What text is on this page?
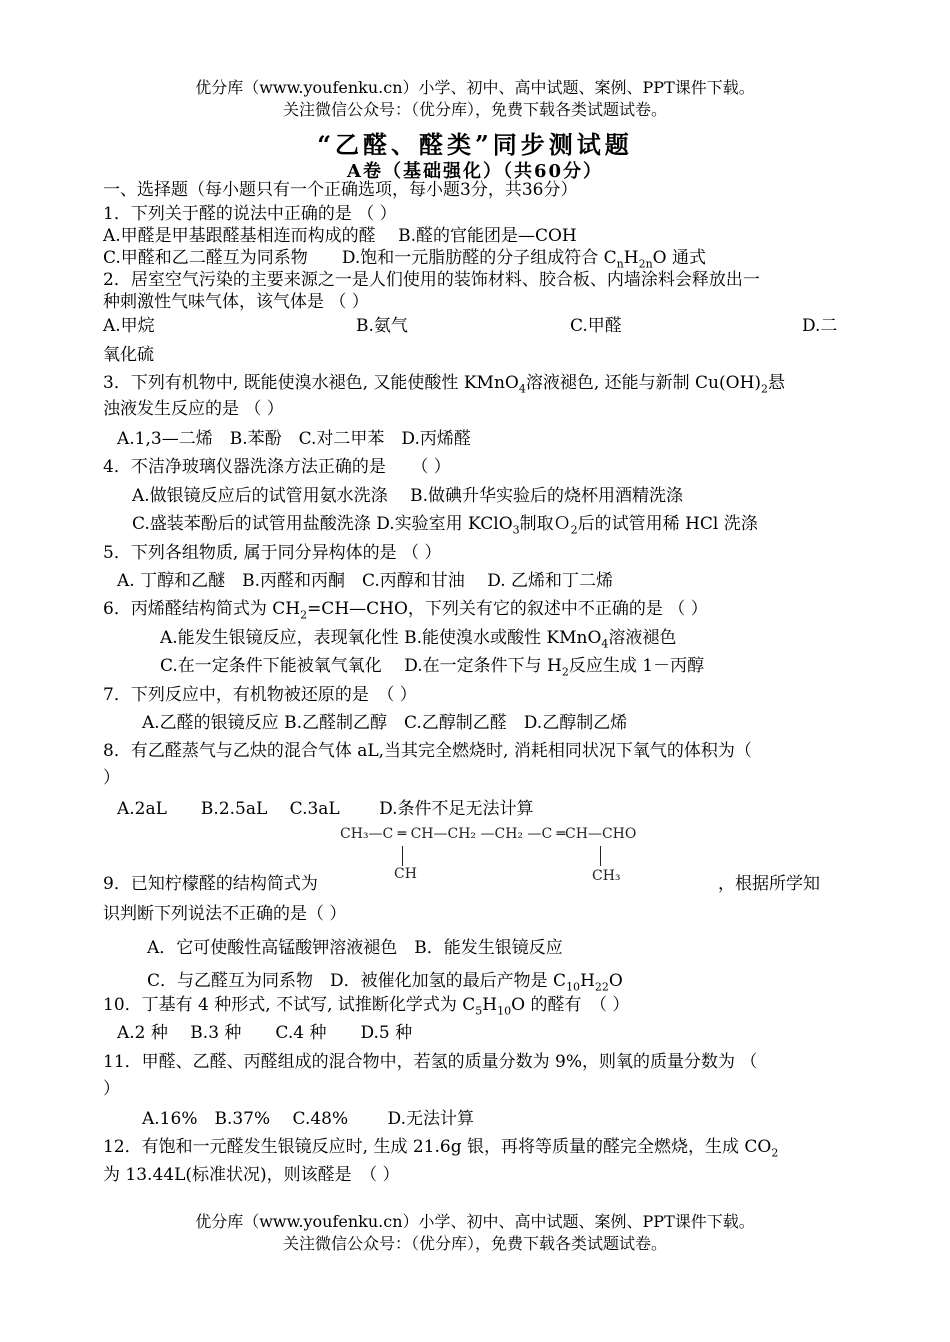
优分库（www.youfenku.cn）小学、初中、高中试题、案例、PPT课件下载。
关注微信公众号：（优分库），免费下载各类试题试卷。
“乙醛、醛类”同步测试题
A卷（基础强化）（共60分）
一、选择题（每小题只有一个正确选项，每小题3分，共36分）
1．下列关于醛的说法中正确的是 （ ）
A.甲醛是甲基跟醛基相连而构成的醛　 B.醛的官能团是—COH
C.甲醛和乙二醛互为同系物　　 D.饱和一元脂肪醛的分子组成符合 $C_nH_{2n}O$ 通式
2．居室空气污染的主要来源之一是人们使用的装饰材料、胶合板、内墙涂料会释放出一
种刺激性气味气体，该气体是 （ ）
A.甲烷	B.氨气	C.甲醛	D.二
氧化硫
3．下列有机物中, 既能使溴水褪色, 又能使酸性 KMnO$_4$溶液褪色, 还能与新制 $Cu(OH)_2$悬
浊液发生反应的是 （ ）
A.1,3—二烯　B.苯酚　C.对二甲苯　D.丙烯醛
4．不洁净玻璃仪器洗涤方法正确的是　　（ ）
A.做银镜反应后的试管用氨水洗涤　 B.做碘升华实验后的烧杯用酒精洗涤
C.盛装苯酚后的试管用盐酸洗涤 D.实验室用 KClO$_3$制取Ｏ$_2$后的试管用稀 HCl 洗涤
5．下列各组物质, 属于同分异构体的是 （ ）
A. 丁醇和乙醚　B.丙醛和丙酮　C.丙醇和甘油　 D. 乙烯和丁二烯
6．丙烯醛结构简式为 $CH_2=CH—CHO$，下列关有它的叙述中不正确的是 （ ）
A.能发生银镜反应，表现氧化性 B.能使溴水或酸性 KMnO$_4$溶液褪色
C.在一定条件下能被氧气氧化　 D.在一定条件下与 $H_2$反应生成 1－丙醇
7．下列反应中，有机物被还原的是　（ ）
A.乙醛的银镜反应 B.乙醛制乙醇　C.乙醇制乙醛　D.乙醇制乙烯
8．有乙醛蒸气与乙炔的混合气体 aL,当其完全燃烧时, 消耗相同状况下氧气的体积为（
）
A.2aL　　B.2.5aL　 C.3aL　　 D.条件不足无法计算
CH₃—C ═ CH—CH₂ —CH₂ —C ═CH—CHO
CH	CH₃
9．已知柠檬醛的结构简式为	，根据所学知
识判断下列说法不正确的是（ ）
A．它可使酸性高锰酸钾溶液褪色　B．能发生银镜反应
C．与乙醛互为同系物　D．被催化加氢的最后产物是 $C_{10}H_{22}O$
10．丁基有 4 种形式, 不试写, 试推断化学式为 $C_5H_{10}O$ 的醛有　（ ）
A.2 种　 B.3 种　　C.4 种　　D.5 种
11．甲醛、乙醛、丙醛组成的混合物中，若氢的质量分数为 9%，则氧的质量分数为 （
）
A.16%　B.37%　 C.48%　　 D.无法计算
12．有饱和一元醛发生银镜反应时, 生成 21.6g 银，再将等质量的醛完全燃烧，生成 $CO_2$
为 13.44L(标准状况)，则该醛是　（ ）
优分库（www.youfenku.cn）小学、初中、高中试题、案例、PPT课件下载。
关注微信公众号：（优分库），免费下载各类试题试卷。
